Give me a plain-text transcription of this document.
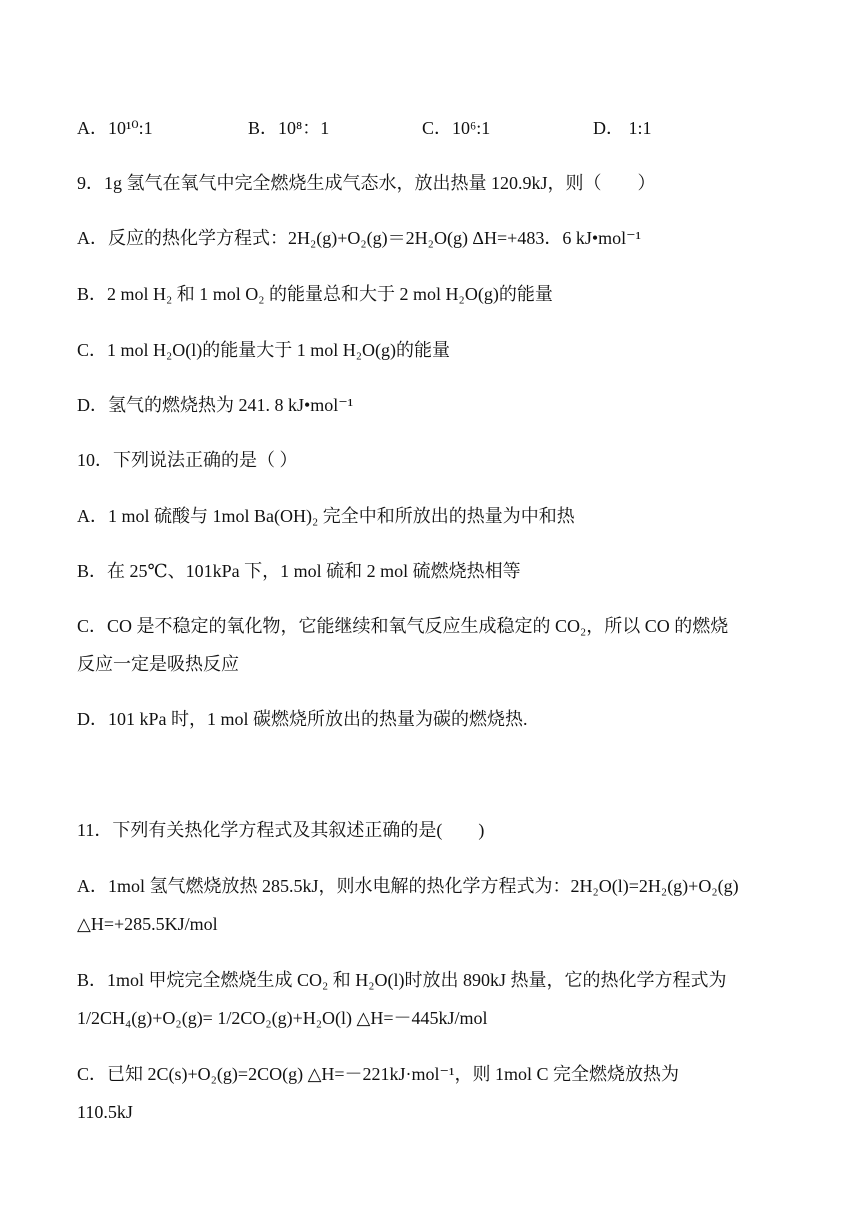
A．10¹⁰:1	B．10⁸：1	C．10⁶:1	D． 1:1
9．1g 氢气在氧气中完全燃烧生成气态水，放出热量 120.9kJ，则（　　）
A．反应的热化学方程式：2H₂(g)+O₂(g)＝2H₂O(g) ΔH=+483．6 kJ•mol⁻¹
B．2 mol H₂ 和 1 mol O₂ 的能量总和大于 2 mol H₂O(g)的能量
C．1 mol H₂O(l)的能量大于 1 mol H₂O(g)的能量
D．氢气的燃烧热为 241. 8 kJ•mol⁻¹
10．下列说法正确的是（ ）
A．1 mol 硫酸与 1mol Ba(OH)₂ 完全中和所放出的热量为中和热
B．在 25℃、101kPa 下，1 mol 硫和 2 mol 硫燃烧热相等
C．CO 是不稳定的氧化物，它能继续和氧气反应生成稳定的 CO₂，所以 CO 的燃烧
反应一定是吸热反应
D．101 kPa 时，1 mol 碳燃烧所放出的热量为碳的燃烧热.
11．下列有关热化学方程式及其叙述正确的是(　　)
A．1mol 氢气燃烧放热 285.5kJ，则水电解的热化学方程式为：2H₂O(l)=2H₂(g)+O₂(g)
△H=+285.5KJ/mol
B．1mol 甲烷完全燃烧生成 CO₂ 和 H₂O(l)时放出 890kJ 热量，它的热化学方程式为
1/2CH₄(g)+O₂(g)= 1/2CO₂(g)+H₂O(l) △H=－445kJ/mol
C．已知 2C(s)+O₂(g)=2CO(g) △H=－221kJ·mol⁻¹，则 1mol C 完全燃烧放热为
110.5kJ
